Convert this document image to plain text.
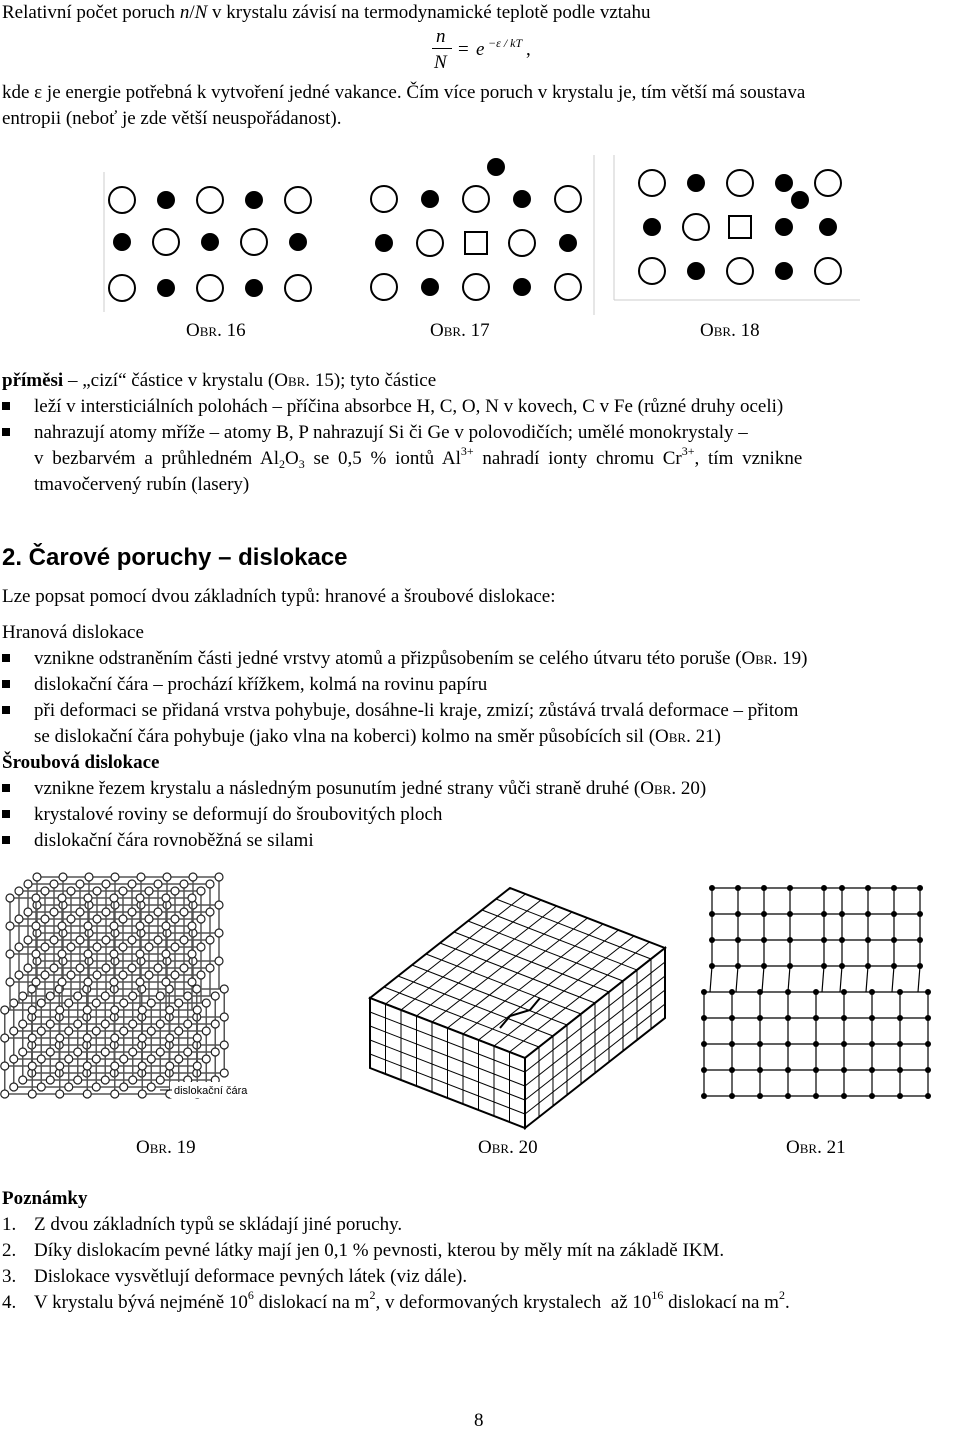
Relativní počet poruch n/N v krystalu závisí na termodynamické teplotě podle vztahu
n
N
= e −ε / kT ,
kde ε je energie potřebná k vytvoření jedné vakance. Čím více poruch v krystalu je, tím větší má soustava
entropii (neboť je zde větší neuspořádanost).
Obr. 16	Obr. 17	Obr. 18
příměsi – „cizí“ částice v krystalu (Obr. 15); tyto částice
leží v intersticiálních polohách – příčina absorbce H, C, O, N v kovech, C v Fe (různé druhy oceli)
nahrazují atomy mříže – atomy B, P nahrazují Si či Ge v polovodičích; umělé monokrystaly –
v bezbarvém a průhledném $Al_2O_3$ se 0,5 % iontů $Al^{3+}$ nahradí ionty chromu $Cr^{3+}$, tím vznikne
tmavočervený rubín (lasery)
2. Čarové poruchy – dislokace
Lze popsat pomocí dvou základních typů: hranové a šroubové dislokace:
Hranová dislokace
vznikne odstraněním části jedné vrstvy atomů a přizpůsobením se celého útvaru této poruše (Obr. 19)
dislokační čára – prochází křížkem, kolmá na rovinu papíru
při deformaci se přidaná vrstva pohybuje, dosáhne-li kraje, zmizí; zůstává trvalá deformace – přitom
se dislokační čára pohybuje (jako vlna na koberci) kolmo na směr působících sil (Obr. 21)
Šroubová dislokace
vznikne řezem krystalu a následným posunutím jedné strany vůči straně druhé (Obr. 20)
krystalové roviny se deformují do šroubovitých ploch
dislokační čára rovnoběžná se silami
dislokační čára
Obr. 19	Obr. 20	Obr. 21
Poznámky
1. Z dvou základních typů se skládají jiné poruchy.
2. Díky dislokacím pevné látky mají jen 0,1 % pevnosti, kterou by měly mít na základě IKM.
3. Dislokace vysvětlují deformace pevných látek (viz dále).
4. V krystalu bývá nejméně $10^6$ dislokací na $m^2$, v deformovaných krystalech  až $10^{16}$ dislokací na $m^2$.
8
